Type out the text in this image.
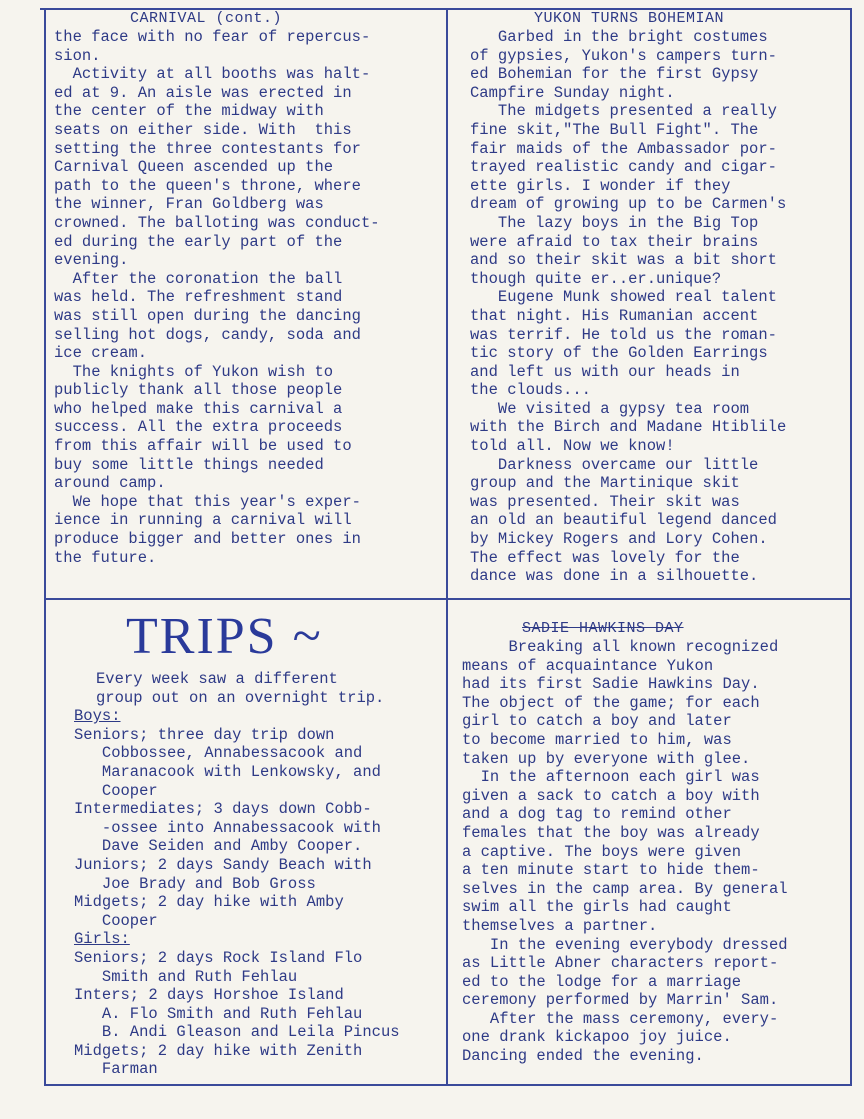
CARNIVAL (cont.)
the face with no fear of repercus-
sion.
Activity at all booths was halt-
ed at 9. An aisle was erected in
the center of the midway with
seats on either side. With  this
setting the three contestants for
Carnival Queen ascended up the
path to the queen's throne, where
the winner, Fran Goldberg was
crowned. The balloting was conduct-
ed during the early part of the
evening.
After the coronation the ball
was held. The refreshment stand
was still open during the dancing
selling hot dogs, candy, soda and
ice cream.
The knights of Yukon wish to
publicly thank all those people
who helped make this carnival a
success. All the extra proceeds
from this affair will be used to
buy some little things needed
around camp.
We hope that this year's exper-
ience in running a carnival will
produce bigger and better ones in
the future.
YUKON TURNS BOHEMIAN
Garbed in the bright costumes
of gypsies, Yukon's campers turn-
ed Bohemian for the first Gypsy
Campfire Sunday night.
The midgets presented a really
fine skit,"The Bull Fight". The
fair maids of the Ambassador por-
trayed realistic candy and cigar-
ette girls. I wonder if they
dream of growing up to be Carmen's
The lazy boys in the Big Top
were afraid to tax their brains
and so their skit was a bit short
though quite er..er.unique?
Eugene Munk showed real talent
that night. His Rumanian accent
was terrif. He told us the roman-
tic story of the Golden Earrings
and left us with our heads in
the clouds...
We visited a gypsy tea room
with the Birch and Madane Htiblile
told all. Now we know!
Darkness overcame our little
group and the Martinique skit
was presented. Their skit was
an old an beautiful legend danced
by Mickey Rogers and Lory Cohen.
The effect was lovely for the
dance was done in a silhouette.
TRIPS ~
Every week saw a different
group out on an overnight trip.
Boys:
Seniors; three day trip down
Cobbossee, Annabessacook and
Maranacook with Lenkowsky, and
Cooper
Intermediates; 3 days down Cobb-
-ossee into Annabessacook with
Dave Seiden and Amby Cooper.
Juniors; 2 days Sandy Beach with
Joe Brady and Bob Gross
Midgets; 2 day hike with Amby
Cooper
Girls:
Seniors; 2 days Rock Island Flo
Smith and Ruth Fehlau
Inters; 2 days Horshoe Island
A. Flo Smith and Ruth Fehlau
B. Andi Gleason and Leila Pincus
Midgets; 2 day hike with Zenith
Farman
SADIE HAWKINS DAY
Breaking all known recognized
means of acquaintance Yukon
had its first Sadie Hawkins Day.
The object of the game; for each
girl to catch a boy and later
to become married to him, was
taken up by everyone with glee.
In the afternoon each girl was
given a sack to catch a boy with
and a dog tag to remind other
females that the boy was already
a captive. The boys were given
a ten minute start to hide them-
selves in the camp area. By general
swim all the girls had caught
themselves a partner.
In the evening everybody dressed
as Little Abner characters report-
ed to the lodge for a marriage
ceremony performed by Marrin' Sam.
After the mass ceremony, every-
one drank kickapoo joy juice.
Dancing ended the evening.
